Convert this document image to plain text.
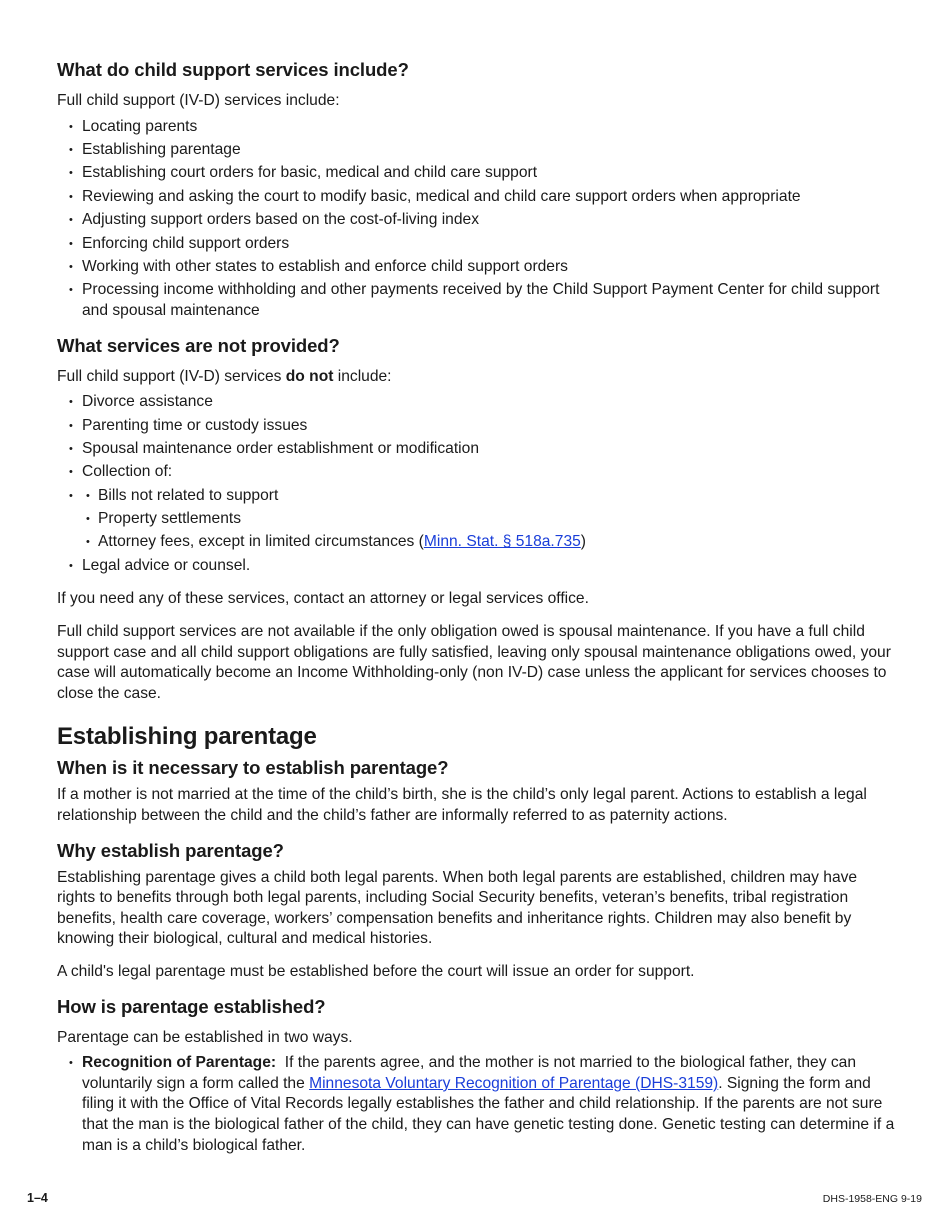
What do child support services include?

Full child support (IV-D) services include:

• Locating parents
• Establishing parentage
• Establishing court orders for basic, medical and child care support
• Reviewing and asking the court to modify basic, medical and child care support orders when appropriate
• Adjusting support orders based on the cost-of-living index
• Enforcing child support orders
• Working with other states to establish and enforce child support orders
• Processing income withholding and other payments received by the Child Support Payment Center for child support and spousal maintenance
What services are not provided?

Full child support (IV-D) services do not include:

• Divorce assistance
• Parenting time or custody issues
• Spousal maintenance order establishment or modification
• Collection of:
• • Bills not related to support
• Property settlements
• Attorney fees, except in limited circumstances (Minn. Stat. § 518a.735)
• Legal advice or counsel.

If you need any of these services, contact an attorney or legal services office.

Full child support services are not available if the only obligation owed is spousal maintenance. If you have a full child support case and all child support obligations are fully satisfied, leaving only spousal maintenance obligations owed, your case will automatically become an Income Withholding-only (non IV-D) case unless the applicant for services chooses to close the case.

Establishing parentage
When is it necessary to establish parentage?

If a mother is not married at the time of the child’s birth, she is the child’s only legal parent. Actions to establish a legal relationship between the child and the child’s father are informally referred to as paternity actions.

Why establish parentage?

Establishing parentage gives a child both legal parents. When both legal parents are established, children may have rights to benefits through both legal parents, including Social Security benefits, veteran’s benefits, tribal registration benefits, health care coverage, workers’ compensation benefits and inheritance rights. Children may also benefit by knowing their biological, cultural and medical histories.

A child's legal parentage must be established before the court will issue an order for support.

How is parentage established?

Parentage can be established in two ways.

• Recognition of Parentage: If the parents agree, and the mother is not married to the biological father, they can voluntarily sign a form called the Minnesota Voluntary Recognition of Parentage (DHS-3159). Signing the form and filing it with the Office of Vital Records legally establishes the father and child relationship. If the parents are not sure that the man is the biological father of the child, they can have genetic testing done. Genetic testing can determine if a man is a child’s biological father.
1–4	DHS-1958-ENG 9-19
